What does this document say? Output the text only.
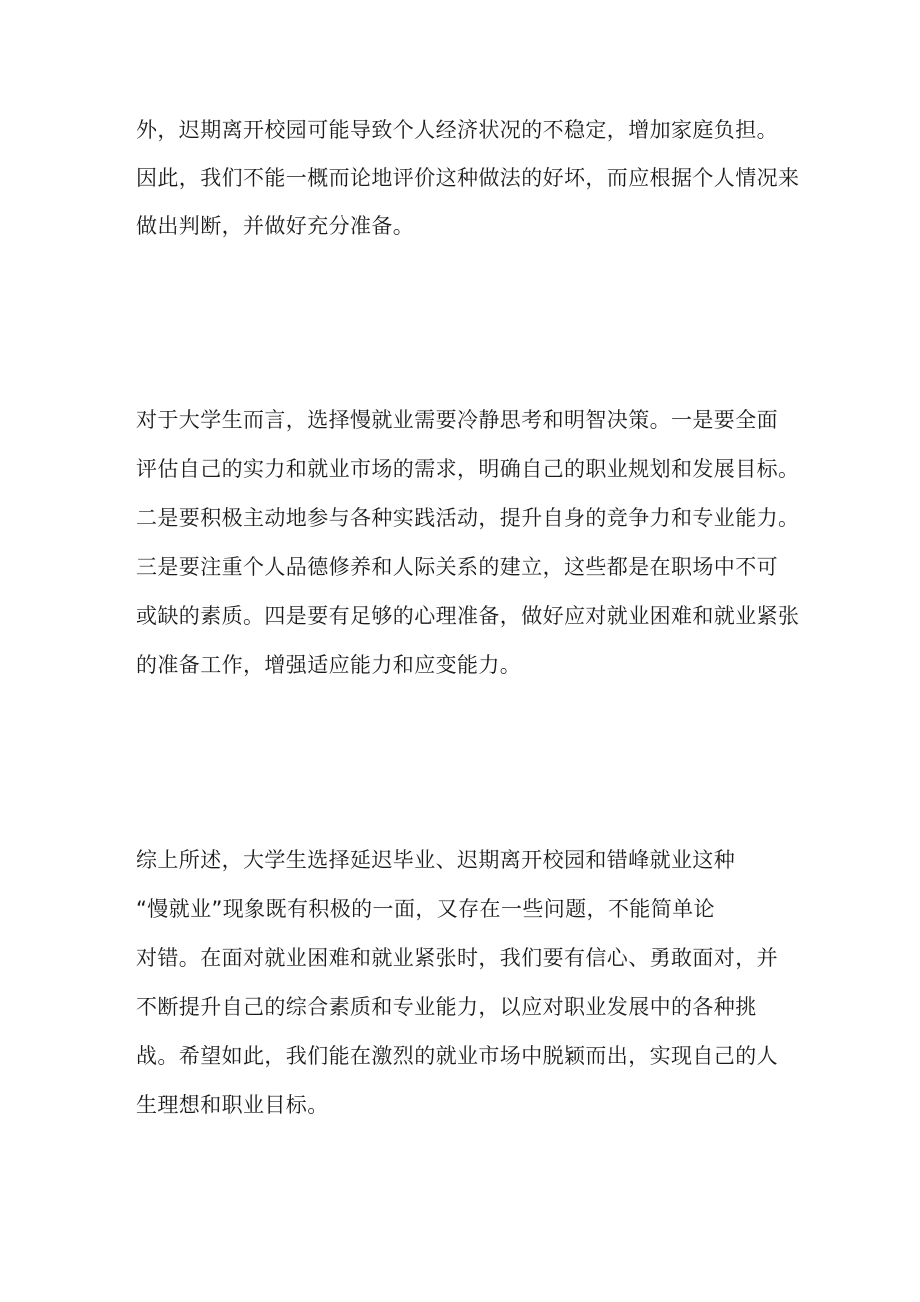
外，迟期离开校园可能导致个人经济状况的不稳定，增加家庭负担。
因此，我们不能一概而论地评价这种做法的好坏，而应根据个人情况来
做出判断，并做好充分准备。
对于大学生而言，选择慢就业需要冷静思考和明智决策。一是要全面
评估自己的实力和就业市场的需求，明确自己的职业规划和发展目标。
二是要积极主动地参与各种实践活动，提升自身的竞争力和专业能力。
三是要注重个人品德修养和人际关系的建立，这些都是在职场中不可
或缺的素质。四是要有足够的心理准备，做好应对就业困难和就业紧张
的准备工作，增强适应能力和应变能力。
综上所述，大学生选择延迟毕业、迟期离开校园和错峰就业这种
“慢就业”现象既有积极的一面，又存在一些问题，不能简单论
对错。在面对就业困难和就业紧张时，我们要有信心、勇敢面对，并
不断提升自己的综合素质和专业能力，以应对职业发展中的各种挑
战。希望如此，我们能在激烈的就业市场中脱颖而出，实现自己的人
生理想和职业目标。
